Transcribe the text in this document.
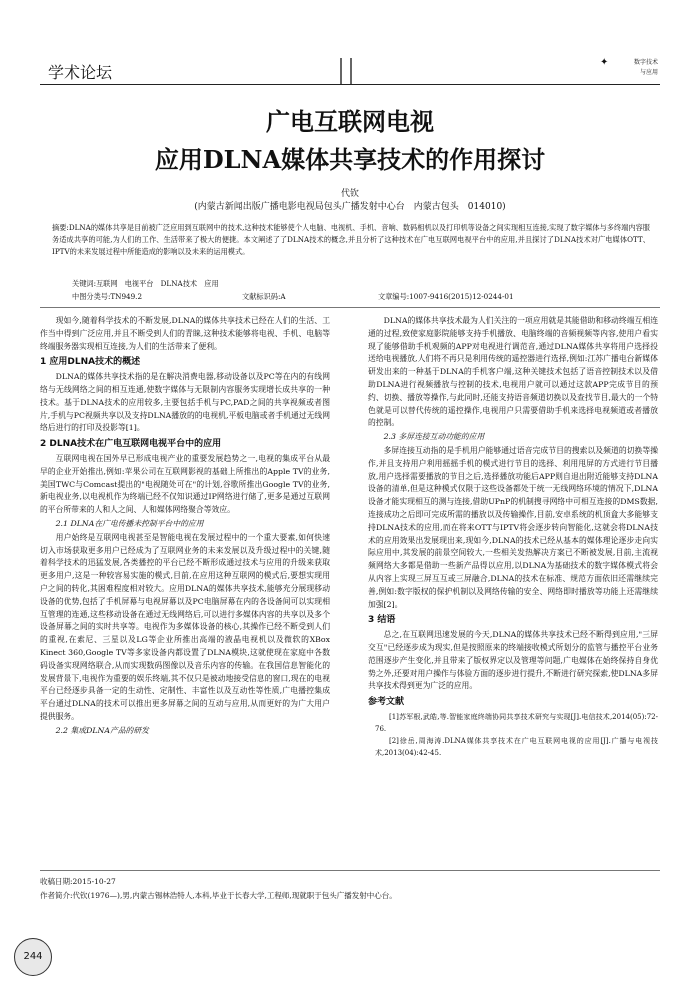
学术论坛
✦	数字技术
与应用
广电互联网电视
应用DLNA媒体共享技术的作用探讨
代钦
(内蒙古新闻出版广播电影电视局包头广播发射中心台　内蒙古包头　014010)
摘要:DLNA的媒体共享是目前被广泛应用到互联网中的技术,这种技术能够使个人电脑、电视机、手机、音响、数码相机以及打印机等设备之间实现相互连接,实现了数字媒体与多终端内容服务适成共享的可能,为人们的工作、生活带来了极大的便捷。本文阐述了了DLNA技术的概念,并且分析了这种技术在广电互联网电视平台中的应用,并且探讨了DLNA技术对广电媒体OTT、IPTV的未来发展过程中所能造成的影响以及未来的运用模式。
关键词:互联网　电视平台　DLNA技术　应用
中图分类号:TN949.2	文献标识码:A	文章编号:1007-9416(2015)12-0244-01

现如今,随着科学技术的不断发展,DLNA的媒体共享技术已经在人们的生活、工作当中得到广泛应用,并且不断受到人们的青睐,这种技术能够将电视、手机、电脑等终端服务器实现相互连接,为人们的生活带来了便利。

1 应用DLNA技术的概述

DLNA的媒体共享技术指的是在解决消费电器,移动设备以及PC等在内的有线网络与无线网络之间的相互连通,使数字媒体与无限制内容服务实现增长成共享的一种技术。基于DLNA技术的应用较多,主要包括手机与PC,PAD之间的共享视频或者图片,手机与PC视频共享以及支持DLNA播放的的电视机,平板电脑或者手机通过无线网络后进行的打印及投影等[1]。

2 DLNA技术在广电互联网电视平台中的应用

互联网电视在国外早已形成电视产业的重要发展趋势之一,电视的集成平台从最早的企业开始推出,例如:苹果公司在互联网影视的基础上所推出的Apple TV的业务,美国TWC与Comcast提出的"电视随处可在"的计划,谷歌所推出Google TV的业务,新电视业务,以电视机作为终端已经不仅知识通过IP网络进行储了,更多是通过互联网的平台所带来的人和人之间、人和媒体网络聚合等效应。

2.1 DLNA在广电传播未控制平台中的应用

用户始终是互联网电视甚至是智能电视在发展过程中的一个重大要素,如何快速切入市场获取更多用户已经成为了互联网业务的未来发展以及升级过程中的关键,随着科学技术的迅猛发展,各类播控的平台已经不断形成通过技术与应用的升级来获取更多用户,这是一种较容易实施的模式,目前,在应用这种互联网的模式后,要想实现用户之间的转化,其困难程度相对较大。应用DLNA的媒体共享技术,能够充分展现移动设备的优势,包括了手机屏幕与电视屏幕以及PC电脑屏幕在内的各设备间可以实现相互管理的连通,这些移动设备在通过无线网络后,可以进行多媒体内容的共享以及多个设备屏幕之间的实时共享等。电视作为多媒体设备的核心,其操作已经不断受到人们的重视,在索尼、三星以及LG等企业所推出高端的液晶电视机以及微软的XBox Kinect 360,Google TV等多家设备内都设置了DLNA模块,这就使现在家庭中各数码设备实现网络联合,从而实现数码图像以及音乐内容的传输。在我国信息智能化的发展背景下,电视作为重要的娱乐终端,其不仅只是被动地接受信息的窗口,现在的电视平台已经逐步具备一定的生动性、定制性、丰富性以及互动性等性质,广电播控集成平台通过DLNA的技术可以推出更多屏幕之间的互动与应用,从而更好的为广大用户提供服务。

2.2 集成DLNA产品的研发

DLNA的媒体共享技术最为人们关注的一项应用就是其能借助和移动终端互相连通的过程,致使家庭影院能够支持手机播放、电脑终端的音频视频等内容,使用户看实现了能够借助手机观频的APP对电视进行调范音,通过DLNA媒体共享将用户选择投送给电视播放,人们将不再只是利用传统的遥控器进行选择,例如:江苏广播电台新媒体研发出来的一种基于DLNA的手机客户端,这种关键技术包括了语音控制技术以及借助DLNA进行视频播放与控制的技术,电视用户就可以通过这款APP完成节目的预约、切换、播放等操作,与此同时,还能支持语音频道切换以及查找节目,最大的一个特色就是可以替代传统的遥控操作,电视用户只需要借助手机来选择电视频道或者播放的控制。

2.3 多屏连接互动功能的应用

多屏连接互动指的是手机用户能够通过语音完成节目的搜索以及频道的切换等操作,并且支持用户利用摇摇手机的模式进行节目的选择、利用甩屏的方式进行节目播放,用户选择需要播放的节目之后,选择播放功能后APP则自退出附近能够支持DLNA设备的清单,但是这种模式仅限于这些设备都处于统一无线网络环境的情况下,DLNA设备才能实现相互的测与连接,借助UPnP的机制搜寻网络中可相互连接的DMS数据,连接成功之后即可完成所需的播放以及传输操作,目前,安卓系统的机顶盒大多能够支持DLNA技术的应用,而在将来OTT与IPTV将会逐步转向智能化,这就会将DLNA技术的应用效果出发展现出来,现如今,DLNA的技术已经从基本的媒体理论逐步走向实际应用中,其发展的前景空间较大,一些相关发热解决方案已不断被发展,目前,主流视频网络大多都是借助一些新产品得以应用,以DLNA为基础技术的数字媒体模式将会从内容上实现三屏互互或三屏融合,DLNA的技术在标准、规范方面依旧还需继续完善,例如:数字版权的保护机制以及网络传输的安全、网络即时播放等功能上还需继续加强[2]。

3 结语

总之,在互联网迅速发展的今天,DLNA的媒体共享技术已经不断得到应用,"三屏交互"已经逐步成为现实,但是按照原来的终端接收模式所划分的监管与播控平台业务范围逐步产生变化,并且带来了版权界定以及管理等问题,广电媒体在始终保持自身优势之外,还要对用户操作与体验方面的逐步进行提升,不断进行研究探索,使DLNA多屏共享技术得到更为广泛的应用。

参考文献

[1]苏军根,武皓,等.智能家庭终端协同共享技术研究与实现[J].电信技术,2014(05):72-76.

[2]徐岳,周海涛.DLNA媒体共享技术在广电互联网电视的应用[J].广播与电视技术,2013(04):42-45.

收稿日期:2015-10-27
作者简介:代钦(1976—),男,内蒙古锡林浩特人,本科,毕业于长春大学,工程师,现就职于包头广播发射中心台。
244
